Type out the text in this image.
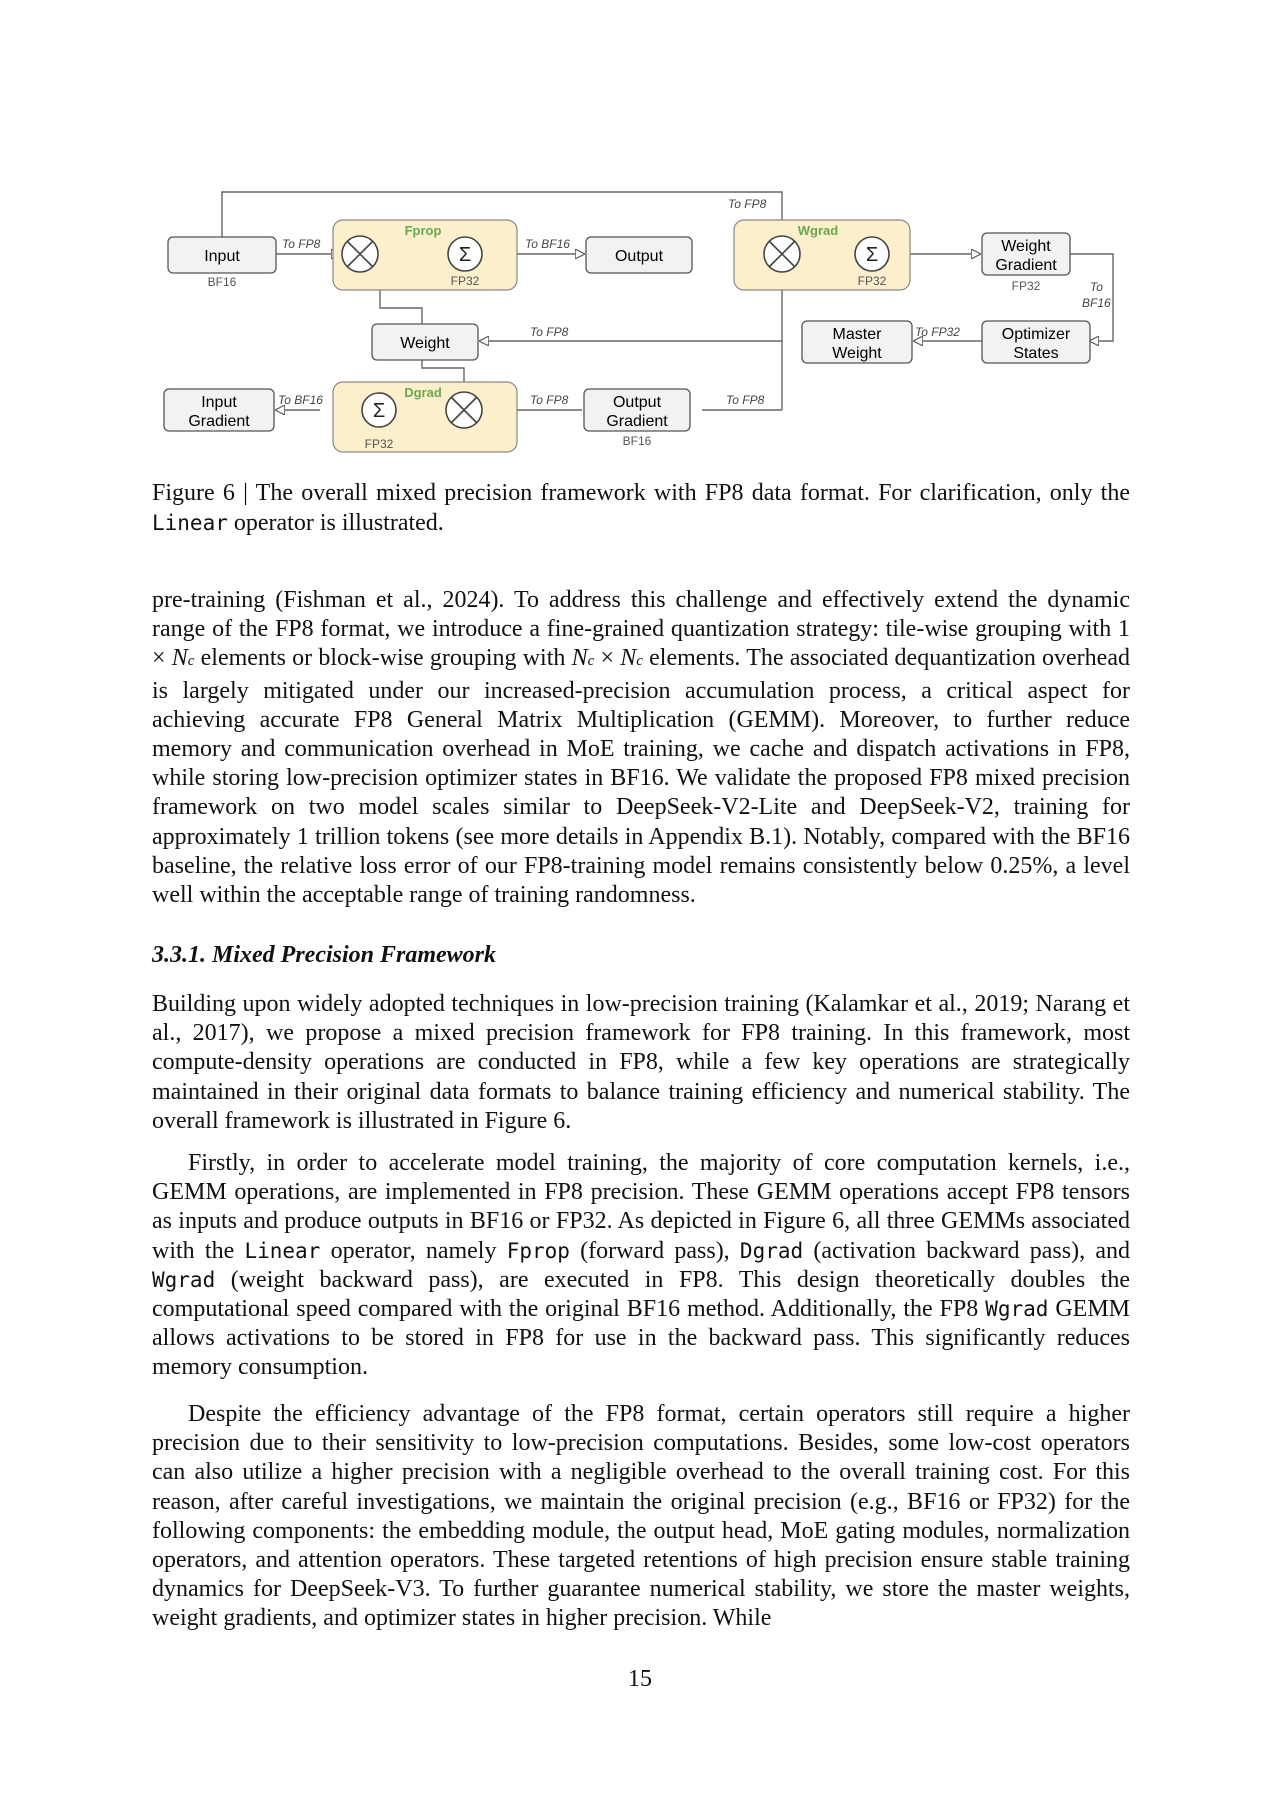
Fprop
Σ
FP32
Wgrad
Σ
FP32
Dgrad
Σ
FP32
Input
BF16
Output
Weight
Gradient
FP32
Weight
Master
Weight
Optimizer
States
Input
Gradient
Output
Gradient
BF16
To FP8	To BF16
To FP8
To FP8	To FP32
To
BF16
To BF16	To FP8	To FP8
Figure 6 | The overall mixed precision framework with FP8 data format. For clarification, only the Linear operator is illustrated.

pre-training (Fishman et al., 2024). To address this challenge and effectively extend the dynamic range of the FP8 format, we introduce a fine-grained quantization strategy: tile-wise grouping with 1 × Nc elements or block-wise grouping with Nc × Nc elements. The associated dequantization overhead is largely mitigated under our increased-precision accumulation process, a critical aspect for achieving accurate FP8 General Matrix Multiplication (GEMM). Moreover, to further reduce memory and communication overhead in MoE training, we cache and dispatch activations in FP8, while storing low-precision optimizer states in BF16. We validate the proposed FP8 mixed precision framework on two model scales similar to DeepSeek-V2-Lite and DeepSeek-V2, training for approximately 1 trillion tokens (see more details in Appendix B.1). Notably, compared with the BF16 baseline, the relative loss error of our FP8-training model remains consistently below 0.25%, a level well within the acceptable range of training randomness.

3.3.1. Mixed Precision Framework

Building upon widely adopted techniques in low-precision training (Kalamkar et al., 2019; Narang et al., 2017), we propose a mixed precision framework for FP8 training. In this framework, most compute-density operations are conducted in FP8, while a few key operations are strategically maintained in their original data formats to balance training efficiency and numerical stability. The overall framework is illustrated in Figure 6.

Firstly, in order to accelerate model training, the majority of core computation kernels, i.e., GEMM operations, are implemented in FP8 precision. These GEMM operations accept FP8 tensors as inputs and produce outputs in BF16 or FP32. As depicted in Figure 6, all three GEMMs associated with the Linear operator, namely Fprop (forward pass), Dgrad (activation backward pass), and Wgrad (weight backward pass), are executed in FP8. This design theoretically doubles the computational speed compared with the original BF16 method. Additionally, the FP8 Wgrad GEMM allows activations to be stored in FP8 for use in the backward pass. This significantly reduces memory consumption.

Despite the efficiency advantage of the FP8 format, certain operators still require a higher precision due to their sensitivity to low-precision computations. Besides, some low-cost operators can also utilize a higher precision with a negligible overhead to the overall training cost. For this reason, after careful investigations, we maintain the original precision (e.g., BF16 or FP32) for the following components: the embedding module, the output head, MoE gating modules, normalization operators, and attention operators. These targeted retentions of high precision ensure stable training dynamics for DeepSeek-V3. To further guarantee numerical stability, we store the master weights, weight gradients, and optimizer states in higher precision. While

15
